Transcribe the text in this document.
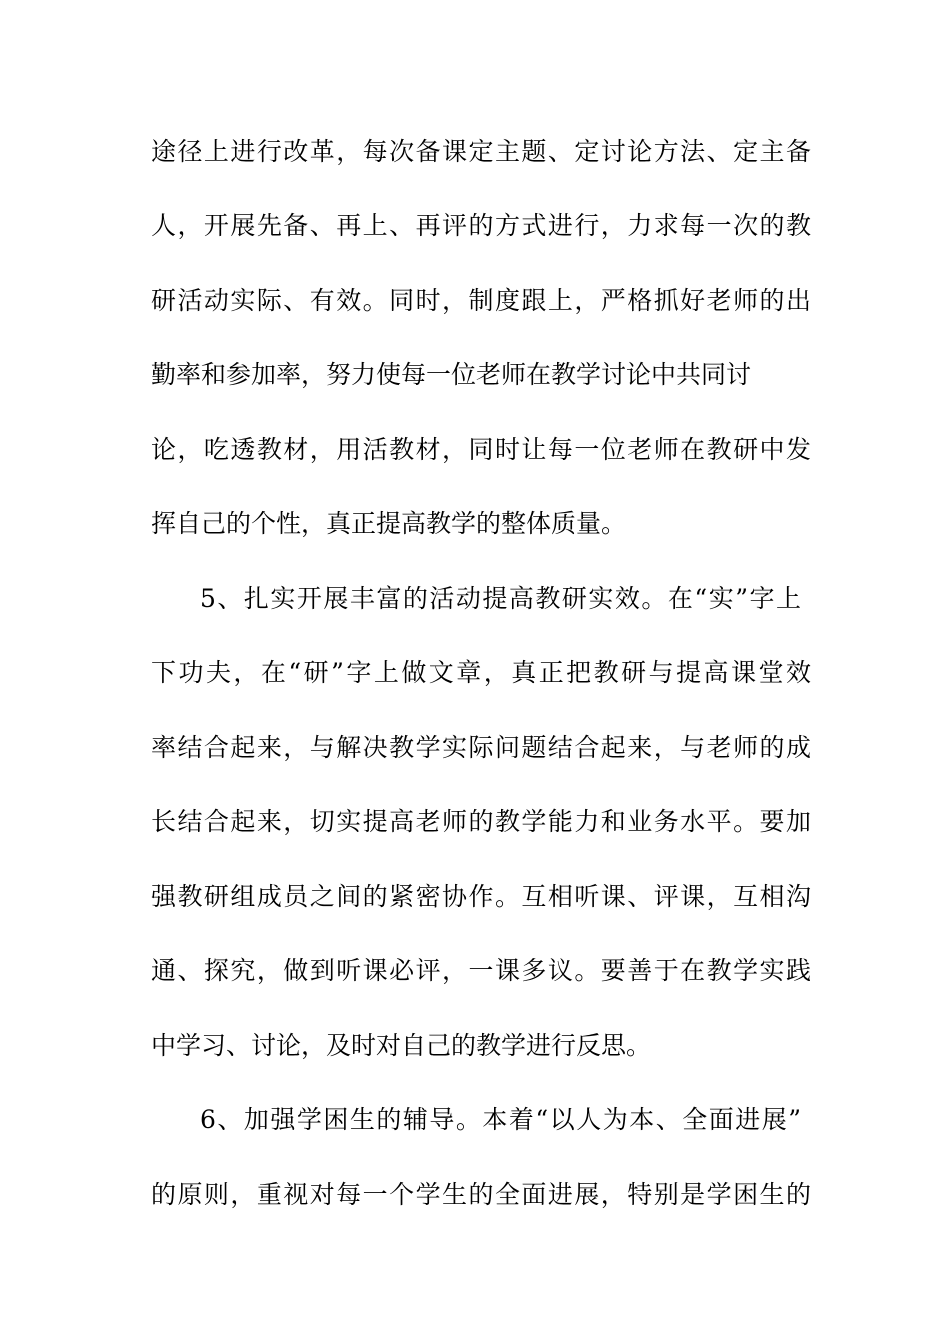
途径上进行改革，每次备课定主题、定讨论方法、定主备
人，开展先备、再上、再评的方式进行，力求每一次的教
研活动实际、有效。同时，制度跟上，严格抓好老师的出
勤率和参加率，努力使每一位老师在教学讨论中共同讨
论，吃透教材，用活教材，同时让每一位老师在教研中发
挥自己的个性，真正提高教学的整体质量。
5、扎实开展丰富的活动提高教研实效。在“实”字上
下功夫，在“研”字上做文章，真正把教研与提高课堂效
率结合起来，与解决教学实际问题结合起来，与老师的成
长结合起来，切实提高老师的教学能力和业务水平。要加
强教研组成员之间的紧密协作。互相听课、评课，互相沟
通、探究，做到听课必评，一课多议。要善于在教学实践
中学习、讨论，及时对自己的教学进行反思。
6、加强学困生的辅导。本着“以人为本、全面进展”
的原则，重视对每一个学生的全面进展，特别是学困生的
